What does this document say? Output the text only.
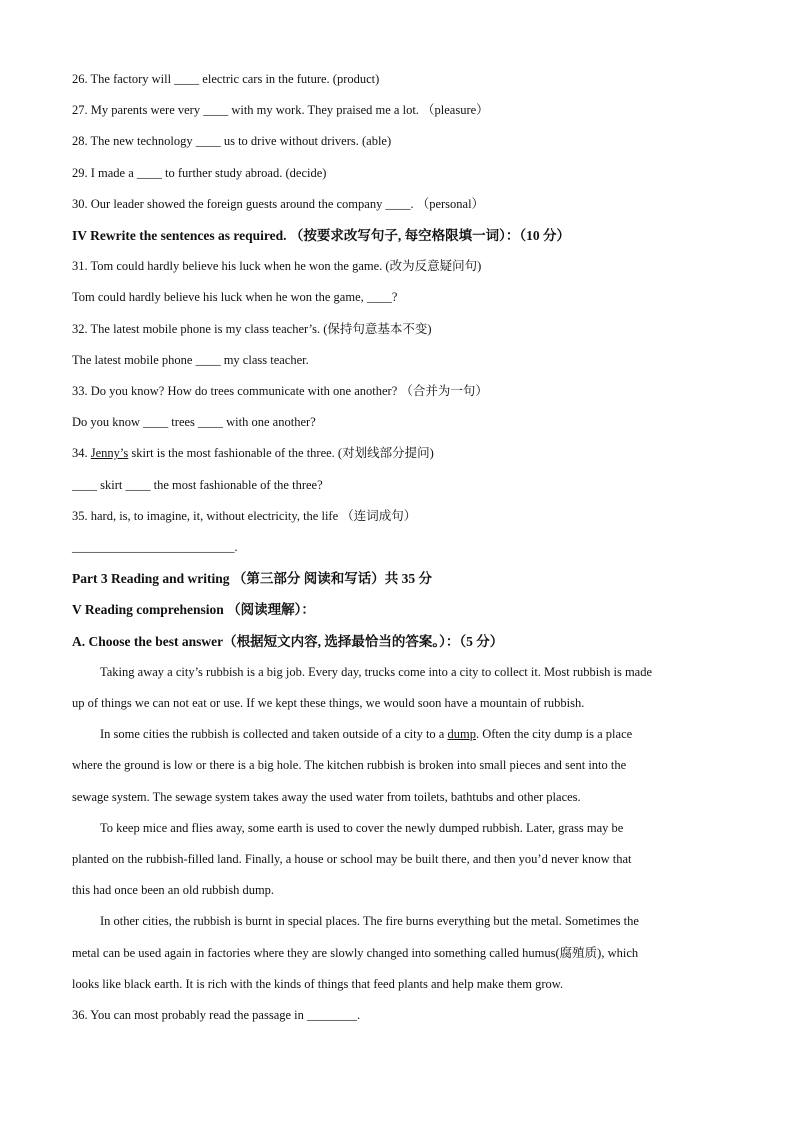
26. The factory will ____ electric cars in the future. (product)
27. My parents were very ____ with my work. They praised me a lot. （pleasure）
28. The new technology ____ us to drive without drivers. (able)
29. I made a ____ to further study abroad. (decide)
30. Our leader showed the foreign guests around the company ____. （personal）
IV Rewrite the sentences as required. （按要求改写句子, 每空格限填一词）：（10 分）
31. Tom could hardly believe his luck when he won the game. (改为反意疑问句)
Tom could hardly believe his luck when he won the game, ____?
32. The latest mobile phone is my class teacher’s. (保持句意基本不变)
The latest mobile phone ____ my class teacher.
33. Do you know? How do trees communicate with one another? （合并为一句）
Do you know ____ trees ____ with one another?
34. Jenny’s skirt is the most fashionable of the three. (对划线部分提问)
____ skirt ____ the most fashionable of the three?
35. hard, is, to imagine, it, without electricity, the life （连词成句）
__________________________.
Part 3 Reading and writing （第三部分 阅读和写话）共 35 分
V Reading comprehension （阅读理解）：
A. Choose the best answer（根据短文内容, 选择最恰当的答案。）：（5 分）
Taking away a city’s rubbish is a big job. Every day, trucks come into a city to collect it. Most rubbish is made
up of things we can not eat or use. If we kept these things, we would soon have a mountain of rubbish.
In some cities the rubbish is collected and taken outside of a city to a dump. Often the city dump is a place
where the ground is low or there is a big hole. The kitchen rubbish is broken into small pieces and sent into the
sewage system. The sewage system takes away the used water from toilets, bathtubs and other places.
To keep mice and flies away, some earth is used to cover the newly dumped rubbish. Later, grass may be
planted on the rubbish-filled land. Finally, a house or school may be built there, and then you’d never know that
this had once been an old rubbish dump.
In other cities, the rubbish is burnt in special places. The fire burns everything but the metal. Sometimes the
metal can be used again in factories where they are slowly changed into something called humus(腐殖质), which
looks like black earth. It is rich with the kinds of things that feed plants and help make them grow.
36. You can most probably read the passage in ________.
